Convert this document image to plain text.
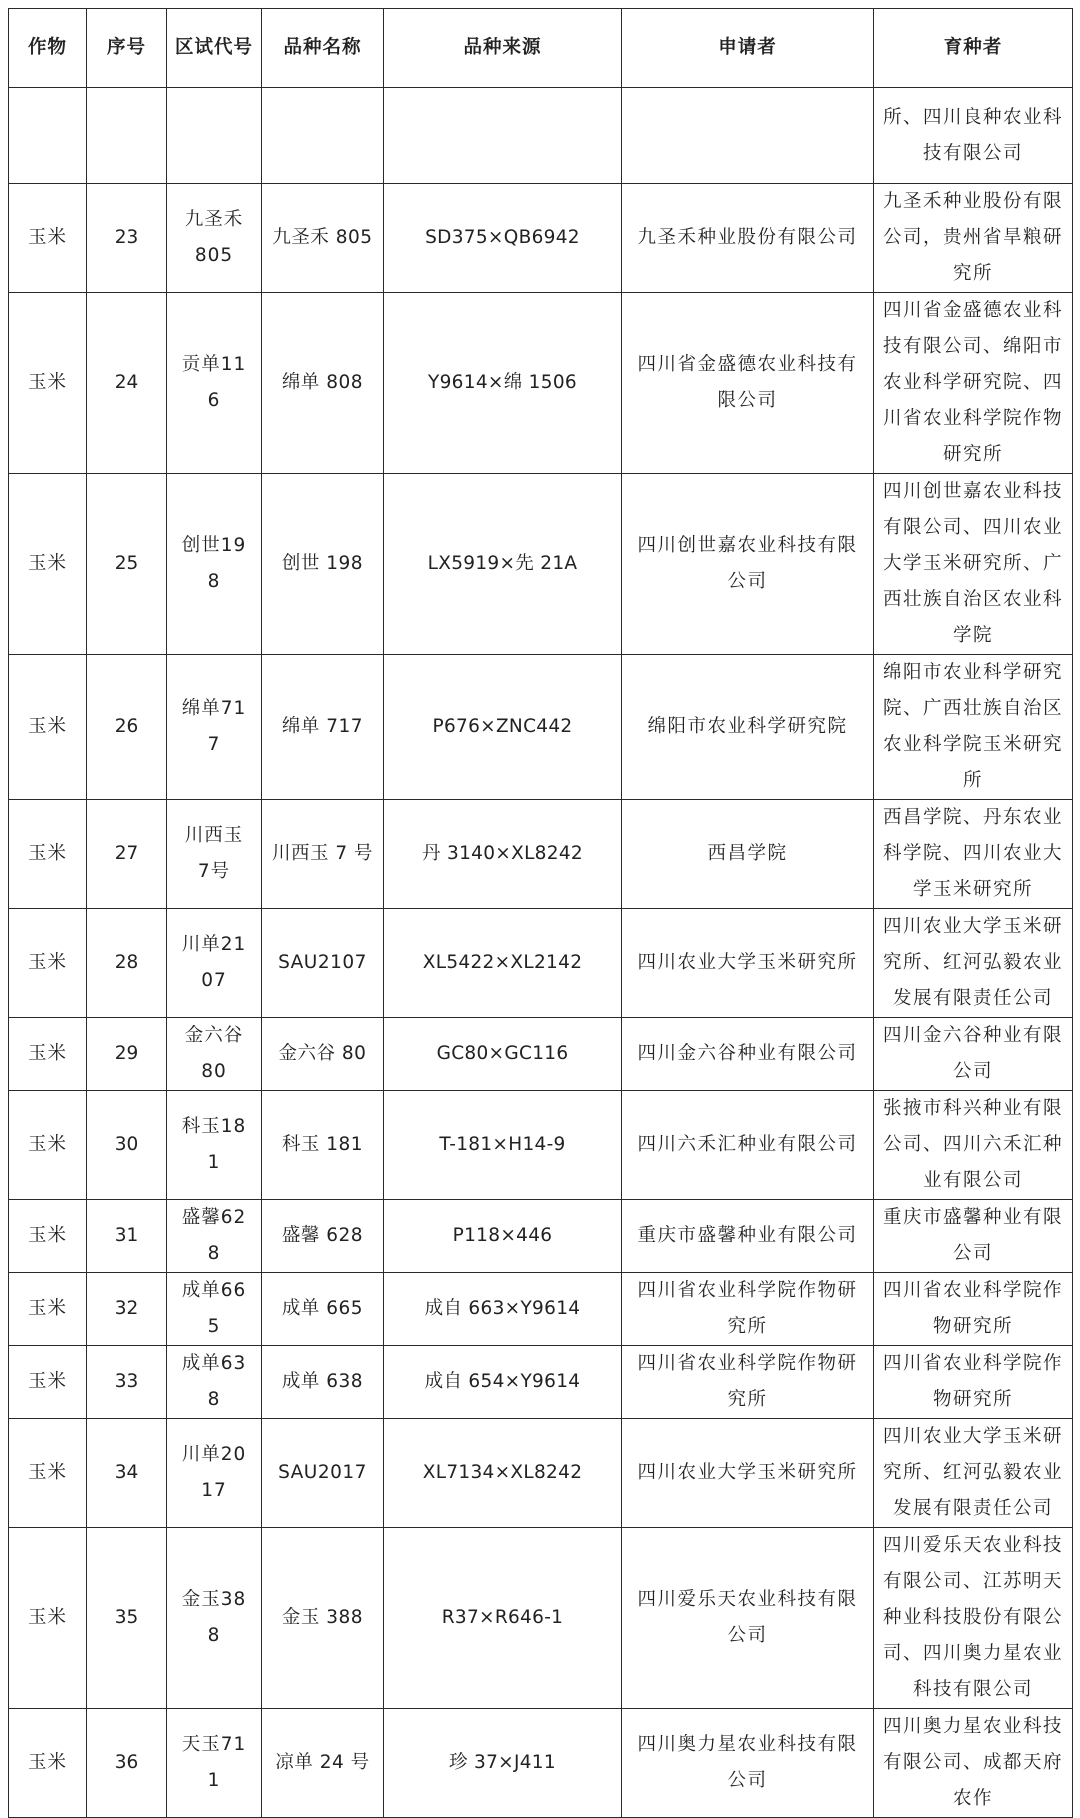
作物	序号	区试代号	品种名称	品种来源	申请者	育种者
						所、四川良种农业科技有限公司
玉米	23	九圣禾805	九圣禾 805	SD375×QB6942	九圣禾种业股份有限公司	九圣禾种业股份有限公司，贵州省旱粮研究所
玉米	24	贡单116	绵单 808	Y9614×绵 1506	四川省金盛德农业科技有限公司	四川省金盛德农业科技有限公司、绵阳市农业科学研究院、四川省农业科学院作物研究所
玉米	25	创世198	创世 198	LX5919×先 21A	四川创世嘉农业科技有限公司	四川创世嘉农业科技有限公司、四川农业大学玉米研究所、广西壮族自治区农业科学院
玉米	26	绵单717	绵单 717	P676×ZNC442	绵阳市农业科学研究院	绵阳市农业科学研究院、广西壮族自治区农业科学院玉米研究所
玉米	27	川西玉7号	川西玉 7 号	丹 3140×XL8242	西昌学院	西昌学院、丹东农业科学院、四川农业大学玉米研究所
玉米	28	川单2107	SAU2107	XL5422×XL2142	四川农业大学玉米研究所	四川农业大学玉米研究所、红河弘毅农业发展有限责任公司
玉米	29	金六谷80	金六谷 80	GC80×GC116	四川金六谷种业有限公司	四川金六谷种业有限公司
玉米	30	科玉181	科玉 181	T-181×H14-9	四川六禾汇种业有限公司	张掖市科兴种业有限公司、四川六禾汇种业有限公司
玉米	31	盛馨628	盛馨 628	P118×446	重庆市盛馨种业有限公司	重庆市盛馨种业有限公司
玉米	32	成单665	成单 665	成自 663×Y9614	四川省农业科学院作物研究所	四川省农业科学院作物研究所
玉米	33	成单638	成单 638	成自 654×Y9614	四川省农业科学院作物研究所	四川省农业科学院作物研究所
玉米	34	川单2017	SAU2017	XL7134×XL8242	四川农业大学玉米研究所	四川农业大学玉米研究所、红河弘毅农业发展有限责任公司
玉米	35	金玉388	金玉 388	R37×R646-1	四川爱乐天农业科技有限公司	四川爱乐天农业科技有限公司、江苏明天种业科技股份有限公司、四川奥力星农业科技有限公司
玉米	36	天玉711	凉单 24 号	珍 37×J411	四川奥力星农业科技有限公司	四川奥力星农业科技有限公司、成都天府农作
